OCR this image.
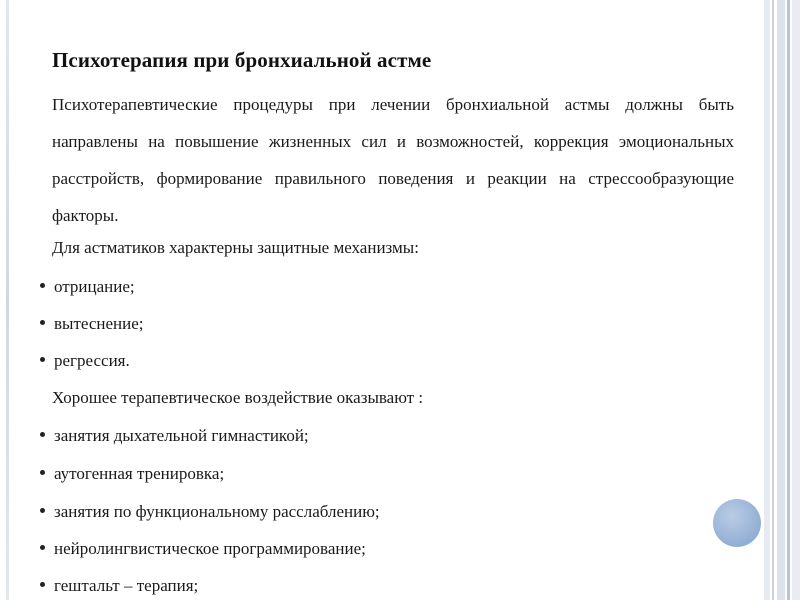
Психотерапия при бронхиальной астме
Психотерапевтические процедуры при лечении бронхиальной астмы должны быть направлены на повышение жизненных сил и возможностей, коррекция эмоциональных расстройств, формирование правильного поведения и реакции на стрессообразующие факторы.
Для астматиков характерны защитные механизмы:
отрицание;
вытеснение;
регрессия.
Хорошее терапевтическое воздействие оказывают :
занятия дыхательной гимнастикой;
аутогенная тренировка;
занятия по функциональному расслаблению;
нейролингвистическое программирование;
гештальт – терапия;
